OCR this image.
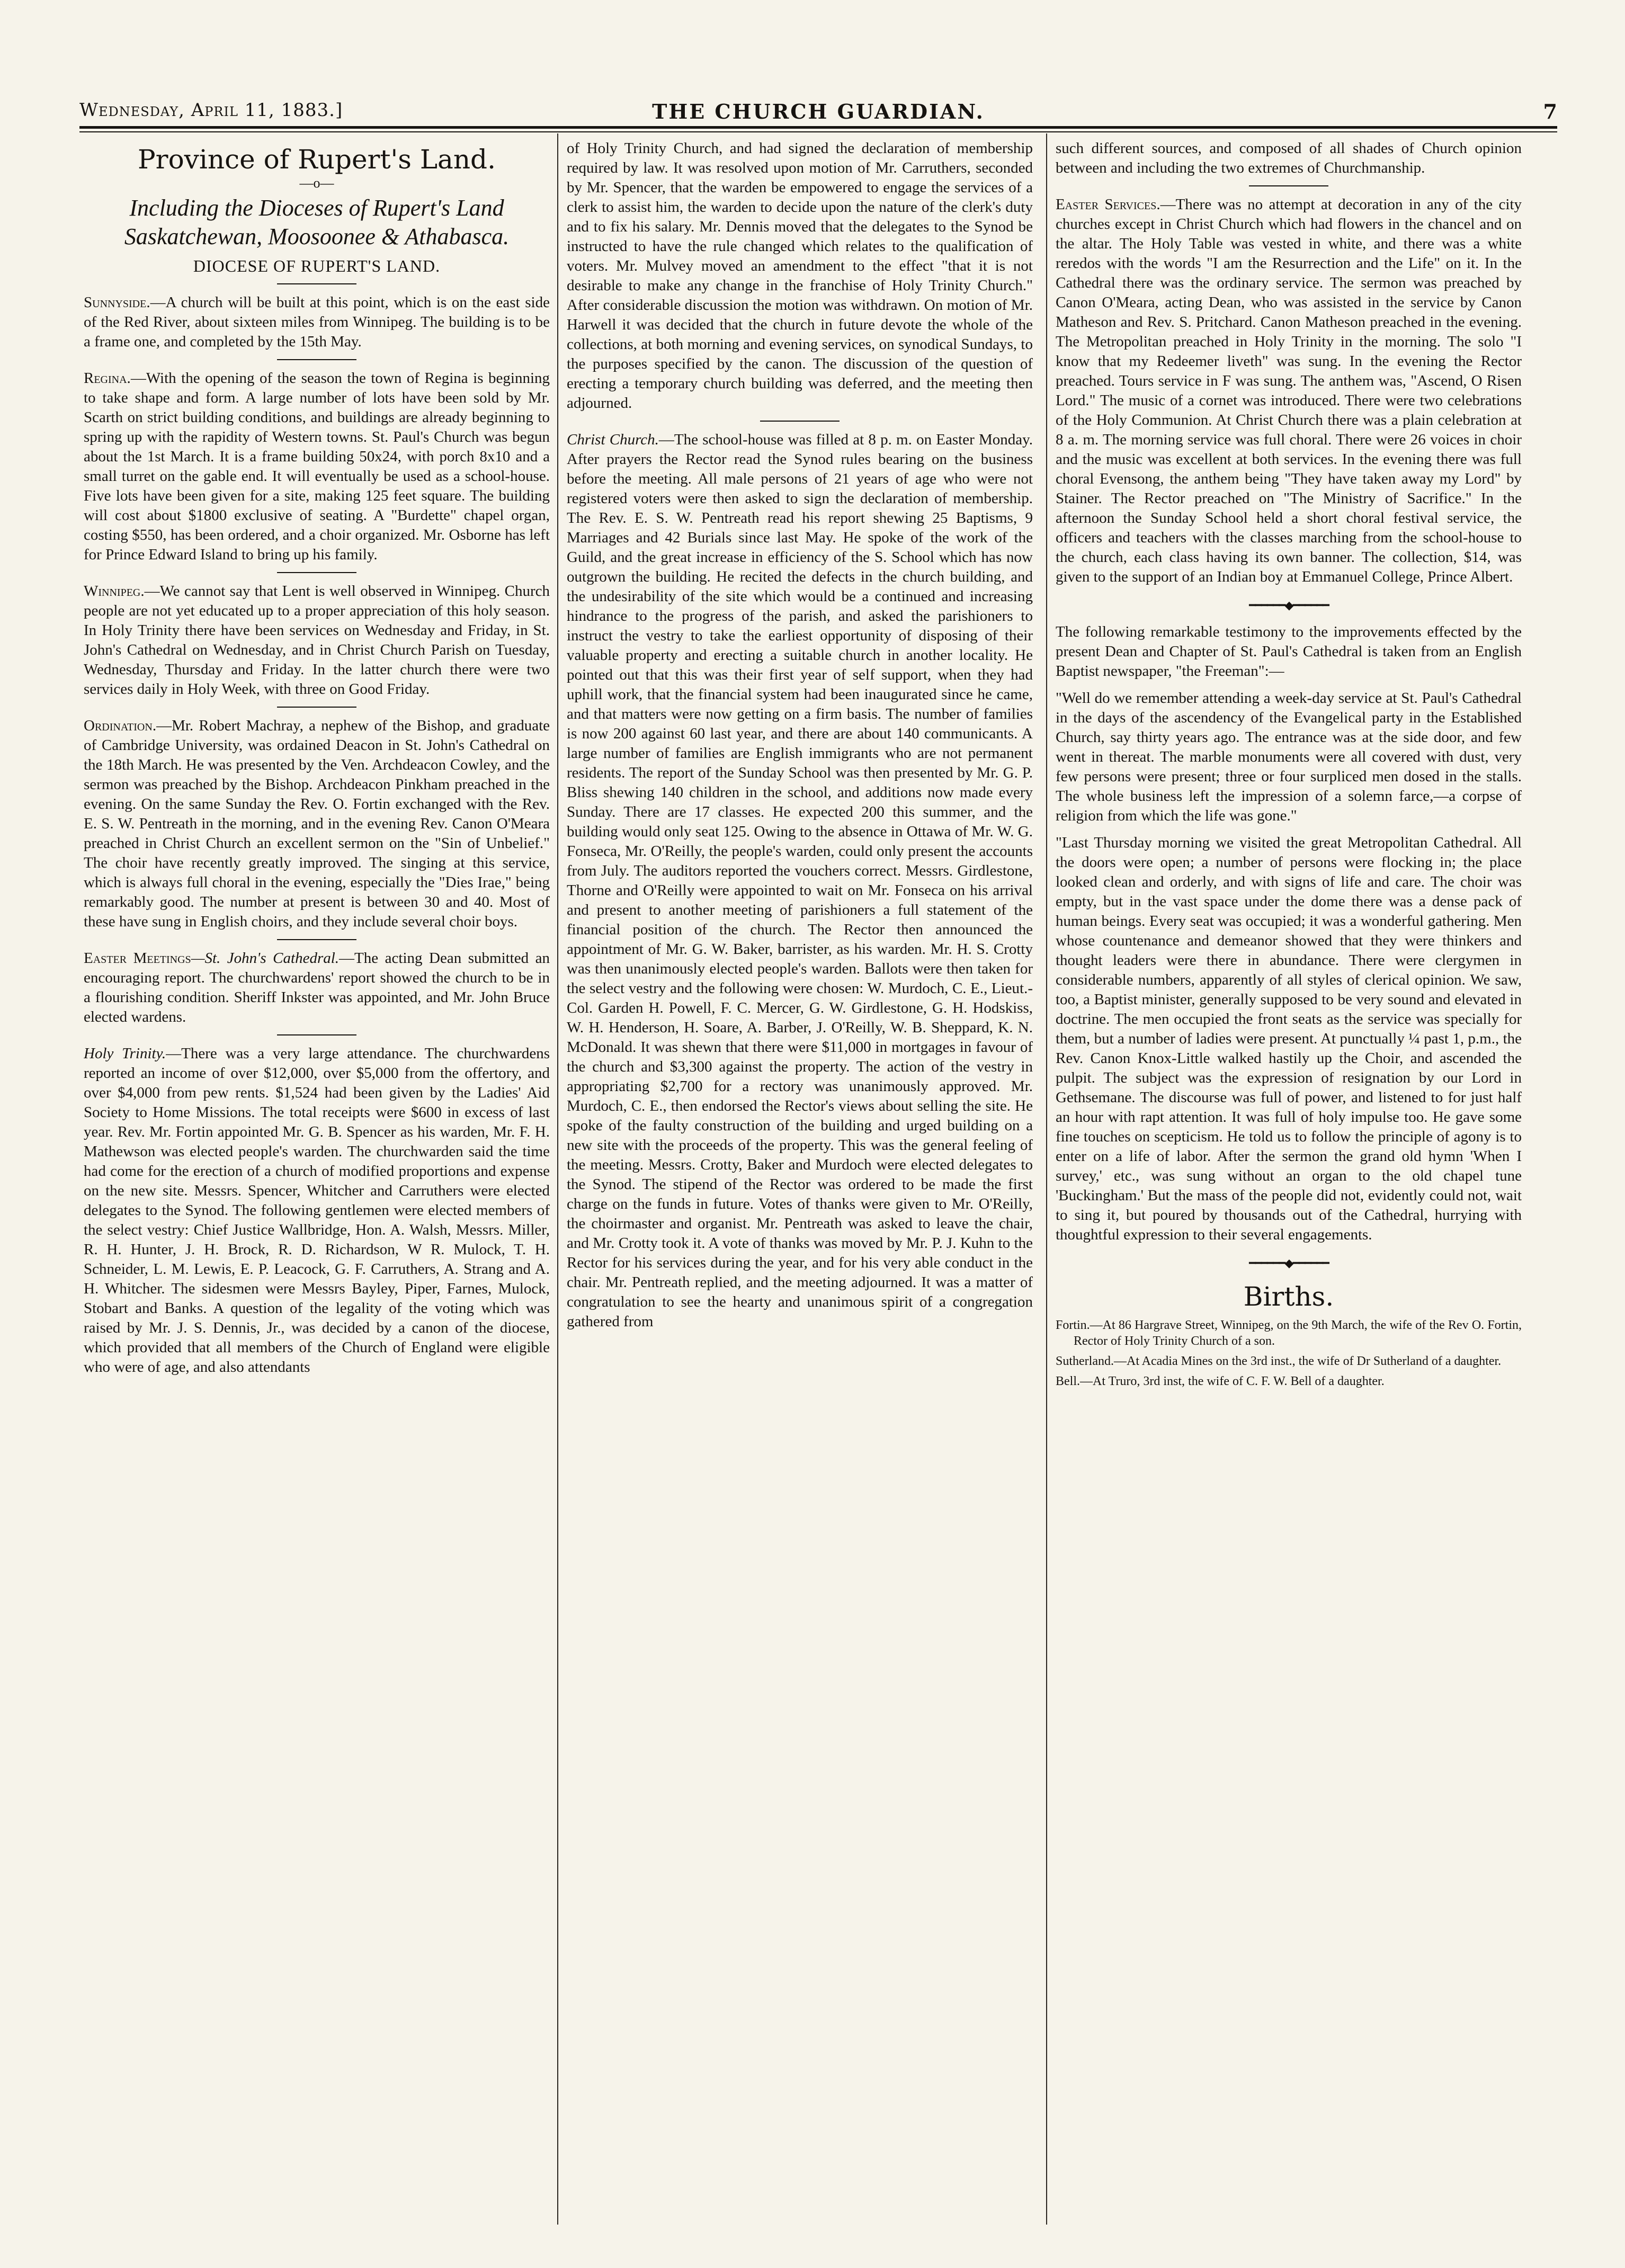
Wednesday, April 11, 1883.]	THE CHURCH GUARDIAN.	7
Province of Rupert's Land.
—o—
Including the Dioceses of Rupert's Land Saskatchewan, Moosoonee & Athabasca.
DIOCESE OF RUPERT'S LAND.

Sunnyside.—A church will be built at this point, which is on the east side of the Red River, about sixteen miles from Winnipeg. The building is to be a frame one, and completed by the 15th May.

Regina.—With the opening of the season the town of Regina is beginning to take shape and form. A large number of lots have been sold by Mr. Scarth on strict building conditions, and buildings are already beginning to spring up with the rapidity of Western towns. St. Paul's Church was begun about the 1st March. It is a frame building 50x24, with porch 8x10 and a small turret on the gable end. It will eventually be used as a school-house. Five lots have been given for a site, making 125 feet square. The building will cost about $1800 exclusive of seating. A "Burdette" chapel organ, costing $550, has been ordered, and a choir organized. Mr. Osborne has left for Prince Edward Island to bring up his family.

Winnipeg.—We cannot say that Lent is well observed in Winnipeg. Church people are not yet educated up to a proper appreciation of this holy season. In Holy Trinity there have been services on Wednesday and Friday, in St. John's Cathedral on Wednesday, and in Christ Church Parish on Tuesday, Wednesday, Thursday and Friday. In the latter church there were two services daily in Holy Week, with three on Good Friday.

Ordination.—Mr. Robert Machray, a nephew of the Bishop, and graduate of Cambridge University, was ordained Deacon in St. John's Cathedral on the 18th March. He was presented by the Ven. Archdeacon Cowley, and the sermon was preached by the Bishop. Archdeacon Pinkham preached in the evening. On the same Sunday the Rev. O. Fortin exchanged with the Rev. E. S. W. Pentreath in the morning, and in the evening Rev. Canon O'Meara preached in Christ Church an excellent sermon on the "Sin of Unbelief." The choir have recently greatly improved. The singing at this service, which is always full choral in the evening, especially the "Dies Irae," being remarkably good. The number at present is between 30 and 40. Most of these have sung in English choirs, and they include several choir boys.

Easter Meetings—St. John's Cathedral.—The acting Dean submitted an encouraging report. The churchwardens' report showed the church to be in a flourishing condition. Sheriff Inkster was appointed, and Mr. John Bruce elected wardens.

Holy Trinity.—There was a very large attendance. The churchwardens reported an income of over $12,000, over $5,000 from the offertory, and over $4,000 from pew rents. $1,524 had been given by the Ladies' Aid Society to Home Missions. The total receipts were $600 in excess of last year. Rev. Mr. Fortin appointed Mr. G. B. Spencer as his warden, Mr. F. H. Mathewson was elected people's warden. The churchwarden said the time had come for the erection of a church of modified proportions and expense on the new site. Messrs. Spencer, Whitcher and Carruthers were elected delegates to the Synod. The following gentlemen were elected members of the select vestry: Chief Justice Wallbridge, Hon. A. Walsh, Messrs. Miller, R. H. Hunter, J. H. Brock, R. D. Richardson, W R. Mulock, T. H. Schneider, L. M. Lewis, E. P. Leacock, G. F. Carruthers, A. Strang and A. H. Whitcher. The sidesmen were Messrs Bayley, Piper, Farnes, Mulock, Stobart and Banks. A question of the legality of the voting which was raised by Mr. J. S. Dennis, Jr., was decided by a canon of the diocese, which provided that all members of the Church of England were eligible who were of age, and also attendants

of Holy Trinity Church, and had signed the declaration of membership required by law. It was resolved upon motion of Mr. Carruthers, seconded by Mr. Spencer, that the warden be empowered to engage the services of a clerk to assist him, the warden to decide upon the nature of the clerk's duty and to fix his salary. Mr. Dennis moved that the delegates to the Synod be instructed to have the rule changed which relates to the qualification of voters. Mr. Mulvey moved an amendment to the effect "that it is not desirable to make any change in the franchise of Holy Trinity Church." After considerable discussion the motion was withdrawn. On motion of Mr. Harwell it was decided that the church in future devote the whole of the collections, at both morning and evening services, on synodical Sundays, to the purposes specified by the canon. The discussion of the question of erecting a temporary church building was deferred, and the meeting then adjourned.

Christ Church.—The school-house was filled at 8 p. m. on Easter Monday. After prayers the Rector read the Synod rules bearing on the business before the meeting. All male persons of 21 years of age who were not registered voters were then asked to sign the declaration of membership. The Rev. E. S. W. Pentreath read his report shewing 25 Baptisms, 9 Marriages and 42 Burials since last May. He spoke of the work of the Guild, and the great increase in efficiency of the S. School which has now outgrown the building. He recited the defects in the church building, and the undesirability of the site which would be a continued and increasing hindrance to the progress of the parish, and asked the parishioners to instruct the vestry to take the earliest opportunity of disposing of their valuable property and erecting a suitable church in another locality. He pointed out that this was their first year of self support, when they had uphill work, that the financial system had been inaugurated since he came, and that matters were now getting on a firm basis. The number of families is now 200 against 60 last year, and there are about 140 communicants. A large number of families are English immigrants who are not permanent residents. The report of the Sunday School was then presented by Mr. G. P. Bliss shewing 140 children in the school, and additions now made every Sunday. There are 17 classes. He expected 200 this summer, and the building would only seat 125. Owing to the absence in Ottawa of Mr. W. G. Fonseca, Mr. O'Reilly, the people's warden, could only present the accounts from July. The auditors reported the vouchers correct. Messrs. Girdlestone, Thorne and O'Reilly were appointed to wait on Mr. Fonseca on his arrival and present to another meeting of parishioners a full statement of the financial position of the church. The Rector then announced the appointment of Mr. G. W. Baker, barrister, as his warden. Mr. H. S. Crotty was then unanimously elected people's warden. Ballots were then taken for the select vestry and the following were chosen: W. Murdoch, C. E., Lieut.-Col. Garden H. Powell, F. C. Mercer, G. W. Girdlestone, G. H. Hodskiss, W. H. Henderson, H. Soare, A. Barber, J. O'Reilly, W. B. Sheppard, K. N. McDonald. It was shewn that there were $11,000 in mortgages in favour of the church and $3,300 against the property. The action of the vestry in appropriating $2,700 for a rectory was unanimously approved. Mr. Murdoch, C. E., then endorsed the Rector's views about selling the site. He spoke of the faulty construction of the building and urged building on a new site with the proceeds of the property. This was the general feeling of the meeting. Messrs. Crotty, Baker and Murdoch were elected delegates to the Synod. The stipend of the Rector was ordered to be made the first charge on the funds in future. Votes of thanks were given to Mr. O'Reilly, the choirmaster and organist. Mr. Pentreath was asked to leave the chair, and Mr. Crotty took it. A vote of thanks was moved by Mr. P. J. Kuhn to the Rector for his services during the year, and for his very able conduct in the chair. Mr. Pentreath replied, and the meeting adjourned. It was a matter of congratulation to see the hearty and unanimous spirit of a congregation gathered from

such different sources, and composed of all shades of Church opinion between and including the two extremes of Churchmanship.

Easter Services.—There was no attempt at decoration in any of the city churches except in Christ Church which had flowers in the chancel and on the altar. The Holy Table was vested in white, and there was a white reredos with the words "I am the Resurrection and the Life" on it. In the Cathedral there was the ordinary service. The sermon was preached by Canon O'Meara, acting Dean, who was assisted in the service by Canon Matheson and Rev. S. Pritchard. Canon Matheson preached in the evening. The Metropolitan preached in Holy Trinity in the morning. The solo "I know that my Redeemer liveth" was sung. In the evening the Rector preached. Tours service in F was sung. The anthem was, "Ascend, O Risen Lord." The music of a cornet was introduced. There were two celebrations of the Holy Communion. At Christ Church there was a plain celebration at 8 a. m. The morning service was full choral. There were 26 voices in choir and the music was excellent at both services. In the evening there was full choral Evensong, the anthem being "They have taken away my Lord" by Stainer. The Rector preached on "The Ministry of Sacrifice." In the afternoon the Sunday School held a short choral festival service, the officers and teachers with the classes marching from the school-house to the church, each class having its own banner. The collection, $14, was given to the support of an Indian boy at Emmanuel College, Prince Albert.

━━━━━━◆━━━━━━

The following remarkable testimony to the improvements effected by the present Dean and Chapter of St. Paul's Cathedral is taken from an English Baptist newspaper, "the Freeman":—

"Well do we remember attending a week-day service at St. Paul's Cathedral in the days of the ascendency of the Evangelical party in the Established Church, say thirty years ago. The entrance was at the side door, and few went in thereat. The marble monuments were all covered with dust, very few persons were present; three or four surpliced men dosed in the stalls. The whole business left the impression of a solemn farce,—a corpse of religion from which the life was gone."

"Last Thursday morning we visited the great Metropolitan Cathedral. All the doors were open; a number of persons were flocking in; the place looked clean and orderly, and with signs of life and care. The choir was empty, but in the vast space under the dome there was a dense pack of human beings. Every seat was occupied; it was a wonderful gathering. Men whose countenance and demeanor showed that they were thinkers and thought leaders were there in abundance. There were clergymen in considerable numbers, apparently of all styles of clerical opinion. We saw, too, a Baptist minister, generally supposed to be very sound and elevated in doctrine. The men occupied the front seats as the service was specially for them, but a number of ladies were present. At punctually ¼ past 1, p.m., the Rev. Canon Knox-Little walked hastily up the Choir, and ascended the pulpit. The subject was the expression of resignation by our Lord in Gethsemane. The discourse was full of power, and listened to for just half an hour with rapt attention. It was full of holy impulse too. He gave some fine touches on scepticism. He told us to follow the principle of agony is to enter on a life of labor. After the sermon the grand old hymn 'When I survey,' etc., was sung without an organ to the old chapel tune 'Buckingham.' But the mass of the people did not, evidently could not, wait to sing it, but poured by thousands out of the Cathedral, hurrying with thoughtful expression to their several engagements.

━━━━━━◆━━━━━━
Births.
Fortin.—At 86 Hargrave Street, Winnipeg, on the 9th March, the wife of the Rev O. Fortin, Rector of Holy Trinity Church of a son.
Sutherland.—At Acadia Mines on the 3rd inst., the wife of Dr Sutherland of a daughter.
Bell.—At Truro, 3rd inst, the wife of C. F. W. Bell of a daughter.
